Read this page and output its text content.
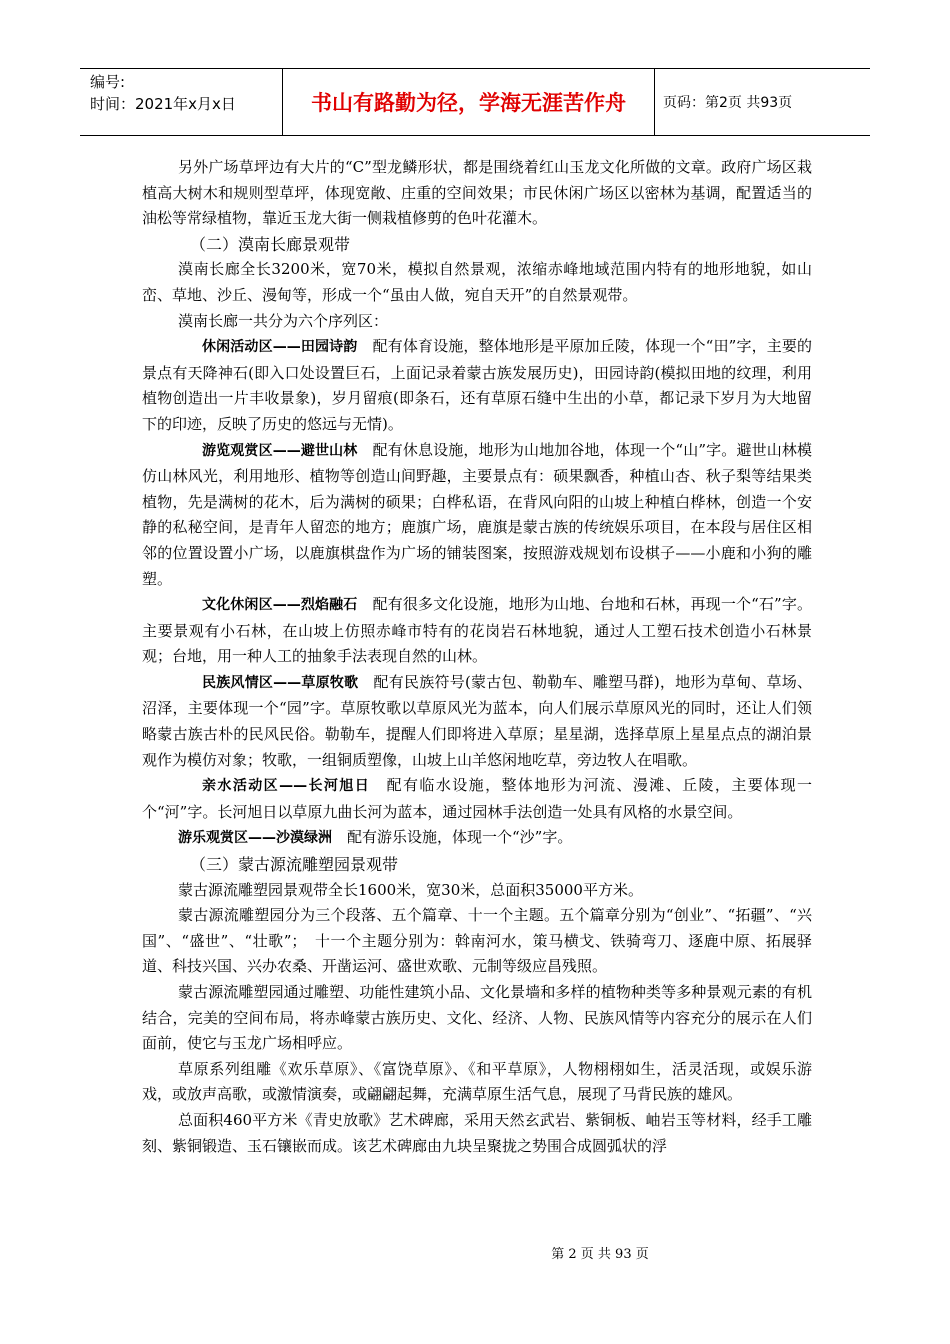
编号:
时间：2021年x月x日	书山有路勤为径，学海无涯苦作舟	页码：第2页 共93页

另外广场草坪边有大片的“C”型龙鳞形状，都是围绕着红山玉龙文化所做的文章。政府广场区栽植高大树木和规则型草坪，体现宽敞、庄重的空间效果；市民休闲广场区以密林为基调，配置适当的油松等常绿植物，靠近玉龙大街一侧栽植修剪的色叶花灌木。

（二）漠南长廊景观带

漠南长廊全长3200米，宽70米，模拟自然景观，浓缩赤峰地域范围内特有的地形地貌，如山峦、草地、沙丘、漫甸等，形成一个“虽由人做，宛自天开”的自然景观带。

漠南长廊一共分为六个序列区：

休闲活动区——田园诗韵　配有体育设施，整体地形是平原加丘陵，体现一个“田”字，主要的景点有天降神石(即入口处设置巨石，上面记录着蒙古族发展历史)，田园诗韵(模拟田地的纹理，利用植物创造出一片丰收景象)，岁月留痕(即条石，还有草原石缝中生出的小草，都记录下岁月为大地留下的印迹，反映了历史的悠远与无情)。

游览观赏区——避世山林　配有休息设施，地形为山地加谷地，体现一个“山”字。避世山林模仿山林风光，利用地形、植物等创造山间野趣，主要景点有：硕果飘香，种植山杏、秋子梨等结果类植物，先是满树的花木，后为满树的硕果；白桦私语，在背风向阳的山坡上种植白桦林，创造一个安静的私秘空间，是青年人留恋的地方；鹿旗广场，鹿旗是蒙古族的传统娱乐项目，在本段与居住区相邻的位置设置小广场，以鹿旗棋盘作为广场的铺装图案，按照游戏规划布设棋子——小鹿和小狗的雕塑。

文化休闲区——烈焰融石　配有很多文化设施，地形为山地、台地和石林，再现一个“石”字。主要景观有小石林，在山坡上仿照赤峰市特有的花岗岩石林地貌，通过人工塑石技术创造小石林景观；台地，用一种人工的抽象手法表现自然的山林。

民族风情区——草原牧歌　配有民族符号(蒙古包、勒勒车、雕塑马群)，地形为草甸、草场、沼泽，主要体现一个“园”字。草原牧歌以草原风光为蓝本，向人们展示草原风光的同时，还让人们领略蒙古族古朴的民风民俗。勒勒车，提醒人们即将进入草原；星星湖，选择草原上星星点点的湖泊景观作为模仿对象；牧歌，一组铜质塑像，山坡上山羊悠闲地吃草，旁边牧人在唱歌。

亲水活动区——长河旭日　配有临水设施，整体地形为河流、漫滩、丘陵，主要体现一个“河”字。长河旭日以草原九曲长河为蓝本，通过园林手法创造一处具有风格的水景空间。

游乐观赏区——沙漠绿洲　配有游乐设施，体现一个“沙”字。

（三）蒙古源流雕塑园景观带

蒙古源流雕塑园景观带全长1600米，宽30米，总面积35000平方米。

蒙古源流雕塑园分为三个段落、五个篇章、十一个主题。五个篇章分别为“创业”、“拓疆”、“兴国”、“盛世”、“壮歌”；　十一个主题分别为：斡南河水，策马横戈、铁骑弯刀、逐鹿中原、拓展驿道、科技兴国、兴办农桑、开凿运河、盛世欢歌、元制等级应昌残照。

蒙古源流雕塑园通过雕塑、功能性建筑小品、文化景墙和多样的植物种类等多种景观元素的有机结合，完美的空间布局，将赤峰蒙古族历史、文化、经济、人物、民族风情等内容充分的展示在人们面前，使它与玉龙广场相呼应。

草原系列组雕《欢乐草原》、《富饶草原》、《和平草原》，人物栩栩如生，活灵活现，或娱乐游戏，或放声高歌，或激情演奏，或翩翩起舞，充满草原生活气息，展现了马背民族的雄风。

总面积460平方米《青史放歌》艺术碑廊，采用天然玄武岩、紫铜板、岫岩玉等材料，经手工雕刻、紫铜锻造、玉石镶嵌而成。该艺术碑廊由九块呈聚拢之势围合成圆弧状的浮

第 2 页 共 93 页
